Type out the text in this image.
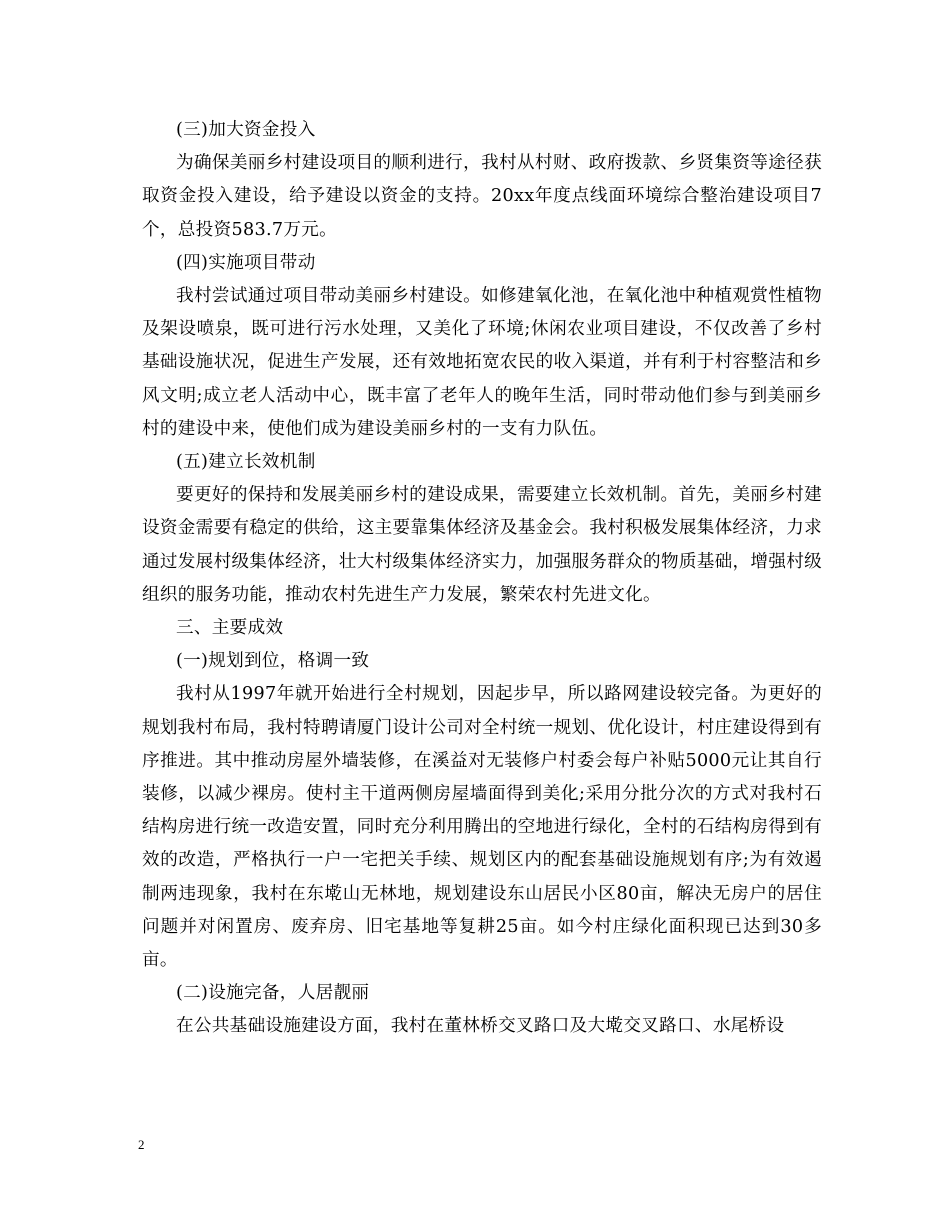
(三)加大资金投入
为确保美丽乡村建设项目的顺利进行，我村从村财、政府拨款、乡贤集资等途径获取资金投入建设，给予建设以资金的支持。20xx年度点线面环境综合整治建设项目7个，总投资583.7万元。
(四)实施项目带动
我村尝试通过项目带动美丽乡村建设。如修建氧化池，在氧化池中种植观赏性植物及架设喷泉，既可进行污水处理，又美化了环境;休闲农业项目建设，不仅改善了乡村基础设施状况，促进生产发展，还有效地拓宽农民的收入渠道，并有利于村容整洁和乡风文明;成立老人活动中心，既丰富了老年人的晚年生活，同时带动他们参与到美丽乡村的建设中来，使他们成为建设美丽乡村的一支有力队伍。
(五)建立长效机制
要更好的保持和发展美丽乡村的建设成果，需要建立长效机制。首先，美丽乡村建设资金需要有稳定的供给，这主要靠集体经济及基金会。我村积极发展集体经济，力求通过发展村级集体经济，壮大村级集体经济实力，加强服务群众的物质基础，增强村级组织的服务功能，推动农村先进生产力发展，繁荣农村先进文化。
三、主要成效
(一)规划到位，格调一致
我村从1997年就开始进行全村规划，因起步早，所以路网建设较完备。为更好的规划我村布局，我村特聘请厦门设计公司对全村统一规划、优化设计，村庄建设得到有序推进。其中推动房屋外墙装修，在溪益对无装修户村委会每户补贴5000元让其自行装修，以减少裸房。使村主干道两侧房屋墙面得到美化;采用分批分次的方式对我村石结构房进行统一改造安置，同时充分利用腾出的空地进行绿化，全村的石结构房得到有效的改造，严格执行一户一宅把关手续、规划区内的配套基础设施规划有序;为有效遏制两违现象，我村在东墘山无林地，规划建设东山居民小区80亩，解决无房户的居住问题并对闲置房、废弃房、旧宅基地等复耕25亩。如今村庄绿化面积现已达到30多亩。
(二)设施完备，人居靓丽
在公共基础设施建设方面，我村在董林桥交叉路口及大墘交叉路口、水尾桥设
2
